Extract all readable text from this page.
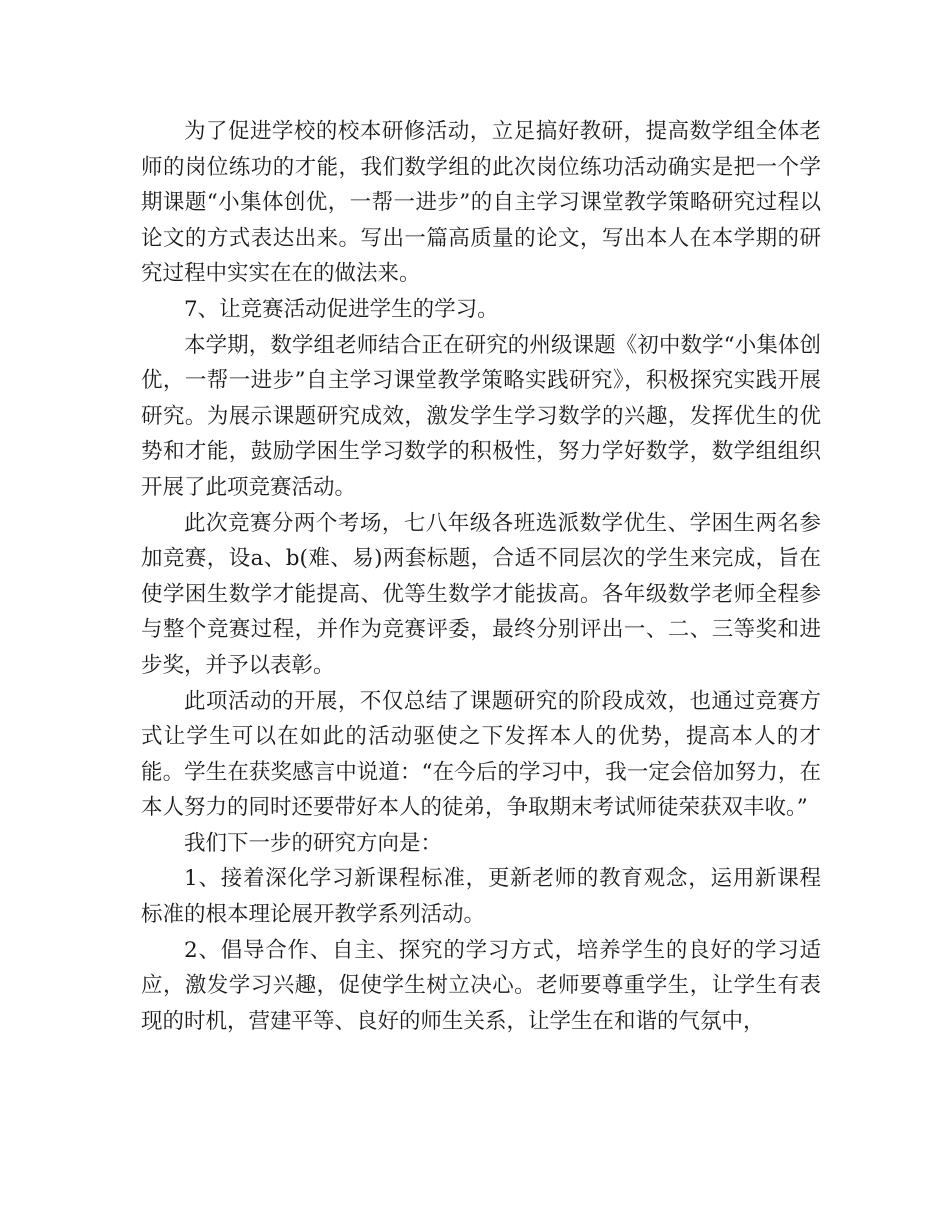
为了促进学校的校本研修活动，立足搞好教研，提高数学组全体老师的岗位练功的才能，我们数学组的此次岗位练功活动确实是把一个学期课题“小集体创优，一帮一进步”的自主学习课堂教学策略研究过程以论文的方式表达出来。写出一篇高质量的论文，写出本人在本学期的研究过程中实实在在的做法来。

7、让竞赛活动促进学生的学习。

本学期，数学组老师结合正在研究的州级课题《初中数学“小集体创优，一帮一进步”自主学习课堂教学策略实践研究》，积极探究实践开展研究。为展示课题研究成效，激发学生学习数学的兴趣，发挥优生的优势和才能，鼓励学困生学习数学的积极性，努力学好数学，数学组组织开展了此项竞赛活动。

此次竞赛分两个考场，七八年级各班选派数学优生、学困生两名参加竞赛，设a、b(难、易)两套标题，合适不同层次的学生来完成，旨在使学困生数学才能提高、优等生数学才能拔高。各年级数学老师全程参与整个竞赛过程，并作为竞赛评委，最终分别评出一、二、三等奖和进步奖，并予以表彰。

此项活动的开展，不仅总结了课题研究的阶段成效，也通过竞赛方式让学生可以在如此的活动驱使之下发挥本人的优势，提高本人的才能。学生在获奖感言中说道：“在今后的学习中，我一定会倍加努力，在本人努力的同时还要带好本人的徒弟，争取期末考试师徒荣获双丰收。”

我们下一步的研究方向是：

1、接着深化学习新课程标准，更新老师的教育观念，运用新课程标准的根本理论展开教学系列活动。

2、倡导合作、自主、探究的学习方式，培养学生的良好的学习适应，激发学习兴趣，促使学生树立决心。老师要尊重学生，让学生有表现的时机，营建平等、良好的师生关系，让学生在和谐的气氛中，
